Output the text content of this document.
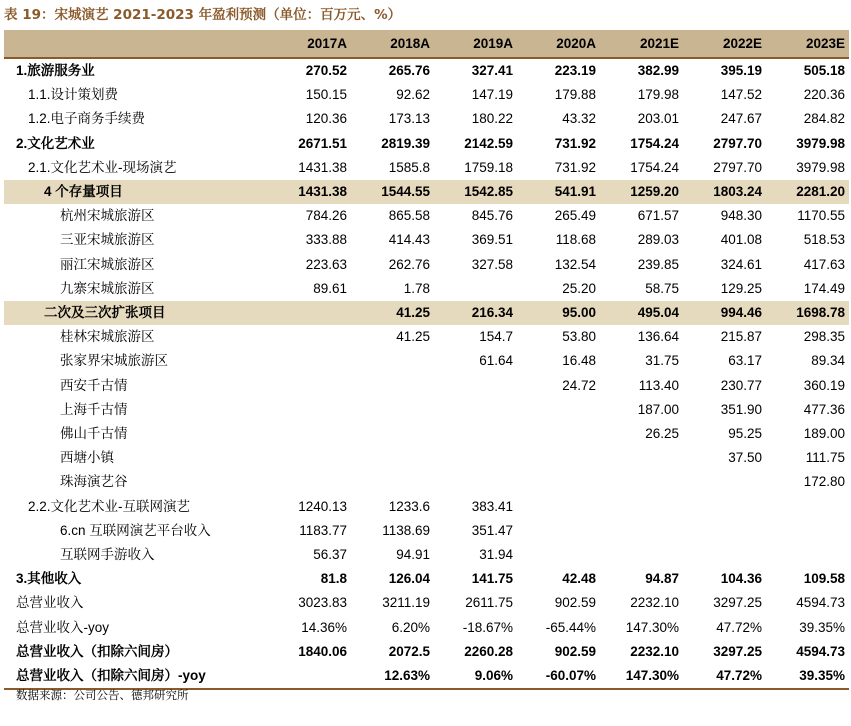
表 19：宋城演艺 2021-2023 年盈利预测（单位：百万元、%）
	2017A	2018A	2019A	2020A	2021E	2022E	2023E
1.旅游服务业	270.52	265.76	327.41	223.19	382.99	395.19	505.18
1.1.设计策划费	150.15	92.62	147.19	179.88	179.98	147.52	220.36
1.2.电子商务手续费	120.36	173.13	180.22	43.32	203.01	247.67	284.82
2.文化艺术业	2671.51	2819.39	2142.59	731.92	1754.24	2797.70	3979.98
2.1.文化艺术业-现场演艺	1431.38	1585.8	1759.18	731.92	1754.24	2797.70	3979.98
4 个存量项目	1431.38	1544.55	1542.85	541.91	1259.20	1803.24	2281.20
杭州宋城旅游区	784.26	865.58	845.76	265.49	671.57	948.30	1170.55
三亚宋城旅游区	333.88	414.43	369.51	118.68	289.03	401.08	518.53
丽江宋城旅游区	223.63	262.76	327.58	132.54	239.85	324.61	417.63
九寨宋城旅游区	89.61	1.78		25.20	58.75	129.25	174.49
二次及三次扩张项目		41.25	216.34	95.00	495.04	994.46	1698.78
桂林宋城旅游区		41.25	154.7	53.80	136.64	215.87	298.35
张家界宋城旅游区			61.64	16.48	31.75	63.17	89.34
西安千古情				24.72	113.40	230.77	360.19
上海千古情					187.00	351.90	477.36
佛山千古情					26.25	95.25	189.00
西塘小镇						37.50	111.75
珠海演艺谷							172.80
2.2.文化艺术业-互联网演艺	1240.13	1233.6	383.41				
6.cn 互联网演艺平台收入	1183.77	1138.69	351.47				
互联网手游收入	56.37	94.91	31.94				
3.其他收入	81.8	126.04	141.75	42.48	94.87	104.36	109.58
总营业收入	3023.83	3211.19	2611.75	902.59	2232.10	3297.25	4594.73
总营业收入-yoy	14.36%	6.20%	-18.67%	-65.44%	147.30%	47.72%	39.35%
总营业收入（扣除六间房）	1840.06	2072.5	2260.28	902.59	2232.10	3297.25	4594.73
总营业收入（扣除六间房）-yoy		12.63%	9.06%	-60.07%	147.30%	47.72%	39.35%
数据来源：公司公告、德邦研究所
